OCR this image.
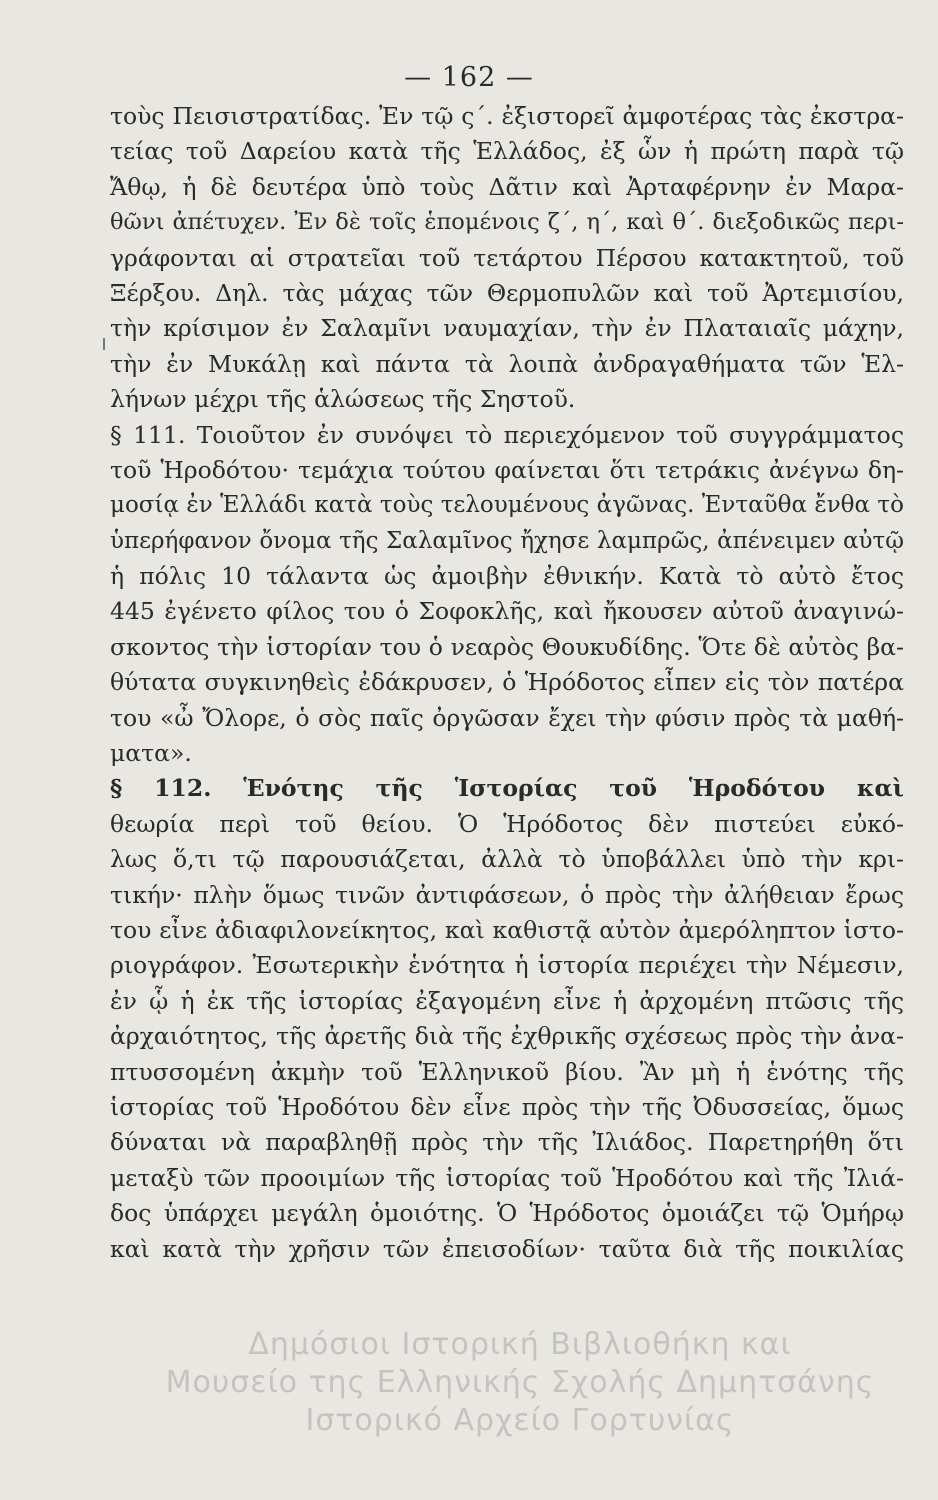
— 162 —
τοὺς Πεισιστρατίδας. Ἐν τῷ ς΄. ἐξιστορεῖ ἀμφοτέρας τὰς ἐκστρα-
τείας τοῦ Δαρείου κατὰ τῆς Ἑλλάδος, ἐξ ὧν ἡ πρώτη παρὰ τῷ
Ἄθῳ, ἡ δὲ δευτέρα ὑπὸ τοὺς Δᾶτιν καὶ Ἀρταφέρνην ἐν Μαρα-
θῶνι ἀπέτυχεν. Ἐν δὲ τοῖς ἑπομένοις ζ΄, η΄, καὶ θ΄. διεξοδικῶς περι-
γράφονται αἱ στρατεῖαι τοῦ τετάρτου Πέρσου κατακτητοῦ, τοῦ
Ξέρξου. Δηλ. τὰς μάχας τῶν Θερμοπυλῶν καὶ τοῦ Ἀρτεμισίου,
τὴν κρίσιμον ἐν Σαλαμῖνι ναυμαχίαν, τὴν ἐν Πλαταιαῖς μάχην,
τὴν ἐν Μυκάλῃ καὶ πάντα τὰ λοιπὰ ἀνδραγαθήματα τῶν Ἑλ-
λήνων μέχρι τῆς ἁλώσεως τῆς Σηστοῦ.
§ 111. Τοιοῦτον ἐν συνόψει τὸ περιεχόμενον τοῦ συγγράμματος
τοῦ Ἡροδότου· τεμάχια τούτου φαίνεται ὅτι τετράκις ἀνέγνω δη-
μοσίᾳ ἐν Ἑλλάδι κατὰ τοὺς τελουμένους ἀγῶνας. Ἐνταῦθα ἔνθα τὸ
ὑπερήφανον ὄνομα τῆς Σαλαμῖνος ἤχησε λαμπρῶς, ἀπένειμεν αὐτῷ
ἡ πόλις 10 τάλαντα ὡς ἀμοιβὴν ἐθνικήν. Κατὰ τὸ αὐτὸ ἔτος
445 ἐγένετο φίλος του ὁ Σοφοκλῆς, καὶ ἤκουσεν αὐτοῦ ἀναγινώ-
σκοντος τὴν ἱστορίαν του ὁ νεαρὸς Θουκυδίδης. Ὅτε δὲ αὐτὸς βα-
θύτατα συγκινηθεὶς ἐδάκρυσεν, ὁ Ἡρόδοτος εἶπεν εἰς τὸν πατέρα
του «ὦ Ὄλορε, ὁ σὸς παῖς ὀργῶσαν ἔχει τὴν φύσιν πρὸς τὰ μαθή-
ματα».
§ 112. Ἑνότης τῆς Ἱστορίας τοῦ Ἡροδότου καὶ
θεωρία περὶ τοῦ θείου. Ὁ Ἡρόδοτος δὲν πιστεύει εὐκό-
λως ὅ,τι τῷ παρουσιάζεται, ἀλλὰ τὸ ὑποβάλλει ὑπὸ τὴν κρι-
τικήν· πλὴν ὅμως τινῶν ἀντιφάσεων, ὁ πρὸς τὴν ἀλήθειαν ἔρως
του εἶνε ἀδιαφιλονείκητος, καὶ καθιστᾷ αὐτὸν ἀμερόληπτον ἱστο-
ριογράφον. Ἐσωτερικὴν ἑνότητα ἡ ἱστορία περιέχει τὴν Νέμεσιν,
ἐν ᾧ ἡ ἐκ τῆς ἱστορίας ἐξαγομένη εἶνε ἡ ἀρχομένη πτῶσις τῆς
ἀρχαιότητος, τῆς ἀρετῆς διὰ τῆς ἐχθρικῆς σχέσεως πρὸς τὴν ἀνα-
πτυσσομένη ἀκμὴν τοῦ Ἑλληνικοῦ βίου. Ἂν μὴ ἡ ἑνότης τῆς
ἱστορίας τοῦ Ἡροδότου δὲν εἶνε πρὸς τὴν τῆς Ὀδυσσείας, ὅμως
δύναται νὰ παραβληθῇ πρὸς τὴν τῆς Ἰλιάδος. Παρετηρήθη ὅτι
μεταξὺ τῶν προοιμίων τῆς ἱστορίας τοῦ Ἡροδότου καὶ τῆς Ἰλιά-
δος ὑπάρχει μεγάλη ὁμοιότης. Ὁ Ἡρόδοτος ὁμοιάζει τῷ Ὁμήρῳ
καὶ κατὰ τὴν χρῆσιν τῶν ἐπεισοδίων· ταῦτα διὰ τῆς ποικιλίας
Δημόσιοι Ιστορική Βιβλιοθήκη και
Μουσείο της Ελληνικής Σχολής Δημητσάνης
Ιστορικό Αρχείο Γορτυνίας
